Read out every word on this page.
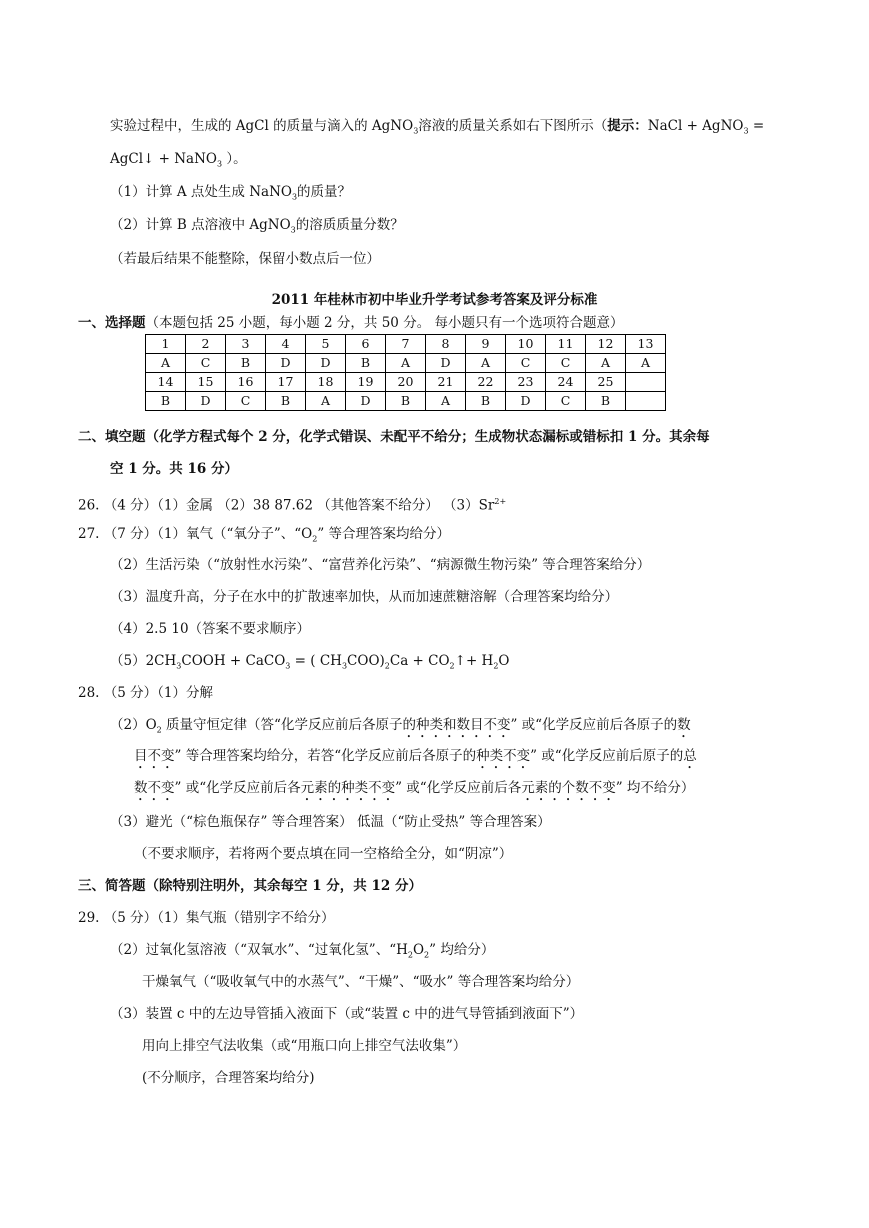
实验过程中，生成的 AgCl 的质量与滴入的 AgNO$_3$溶液的质量关系如右下图所示（提示：NaCl + AgNO$_3$ =
AgCl↓ + NaNO$_3$ ）。
（1）计算 A 点处生成 NaNO$_3$的质量？
（2）计算 B 点溶液中 AgNO$_3$的溶质质量分数？
（若最后结果不能整除，保留小数点后一位）
2011 年桂林市初中毕业升学考试参考答案及评分标准
一、选择题（本题包括 25 小题，每小题 2 分，共 50 分。 每小题只有一个选项符合题意）
1	2	3	4	5	6	7	8	9	10	11	12	13
A	C	B	D	D	B	A	D	A	C	C	A	A
14	15	16	17	18	19	20	21	22	23	24	25	
B	D	C	B	A	D	B	A	B	D	C	B	
二、填空题（化学方程式每个 2 分，化学式错误、未配平不给分；生成物状态漏标或错标扣 1 分。其余每
空 1 分。共 16 分）
26. （4 分）（1）金属 （2）38 87.62 （其他答案不给分） $(3)Sr^{2+}$
27. （7 分）（1）氧气（“氧分子”、“$O_2$” 等合理答案均给分）
（2）生活污染（“放射性水污染”、“富营养化污染”、“病源微生物污染” 等合理答案给分）
（3）温度升高，分子在水中的扩散速率加快，从而加速蔗糖溶解（合理答案均给分）
（4）2.5 10（答案不要求顺序）
$(5)2CH_3COOH$ + CaCO$_3$ = ( $CH_3COO)_2Ca$ + $CO_2↑+ H_2O$
28. （5 分）（1）分解
$(2)O_2$ 质量守恒定律（答“化学反应前后各原子的种类和数目不变” 或“化学反应前后各原子的数
目不变” 等合理答案均给分，若答“化学反应前后各原子的种类不变” 或“化学反应前后原子的总
数不变” 或“化学反应前后各元素的种类不变” 或“化学反应前后各元素的个数不变” 均不给分）
（3）避光（“棕色瓶保存” 等合理答案） 低温（“防止受热” 等合理答案）
（不要求顺序，若将两个要点填在同一空格给全分，如“阴凉”）
三、简答题（除特别注明外，其余每空 1 分，共 12 分）
29. （5 分）（1）集气瓶（错别字不给分）
（2）过氧化氢溶液（“双氧水”、“过氧化氢”、“$H_2O_2$” 均给分）
干燥氧气（“吸收氧气中的水蒸气”、“干燥”、“吸水” 等合理答案均给分）
（3）装置 c 中的左边导管插入液面下（或“装置 c 中的进气导管插到液面下”）
用向上排空气法收集（或“用瓶口向上排空气法收集”）
(不分顺序，合理答案均给分)
